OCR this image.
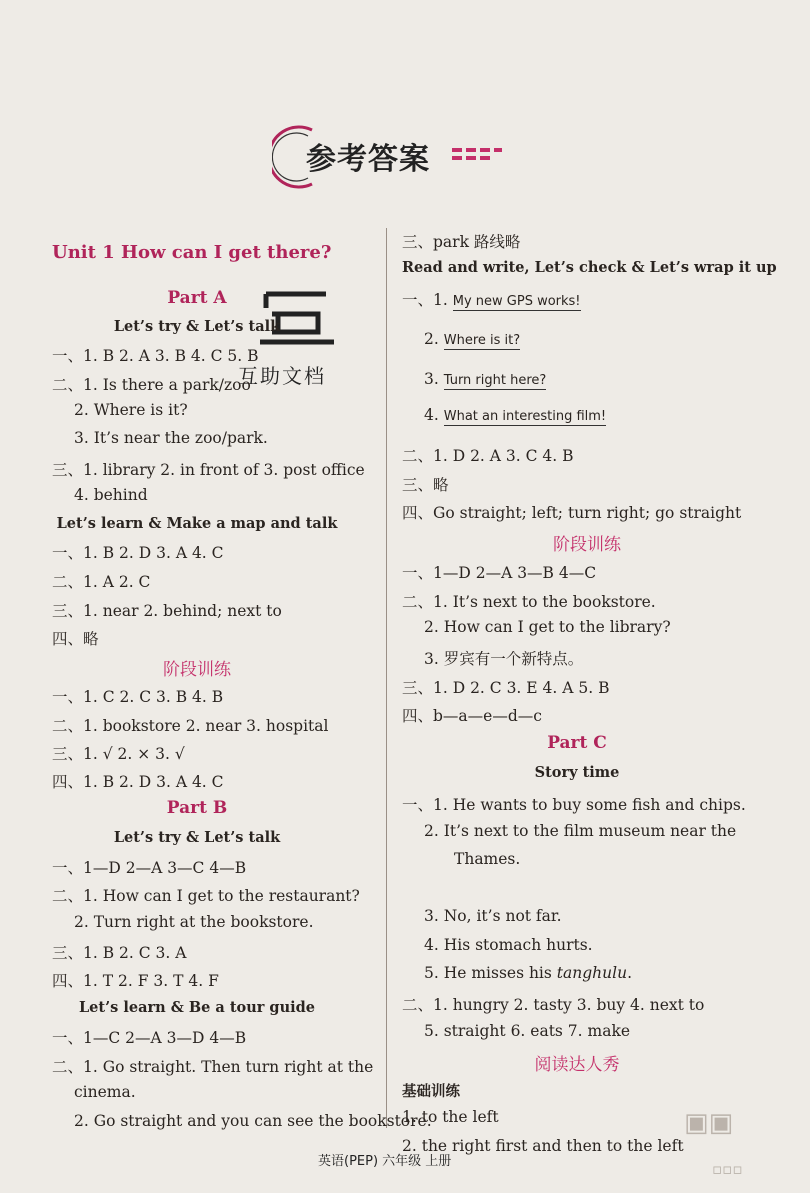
参考答案
互助文档
Unit 1 How can I get there?
Part A
Let’s try & Let’s talk
一、1. B 2. A 3. B 4. C 5. B
二、1. Is there a park/zoo
2. Where is it?
3. It’s near the zoo/park.
三、1. library 2. in front of 3. post office
4. behind
Let’s learn & Make a map and talk
一、1. B 2. D 3. A 4. C
二、1. A 2. C
三、1. near 2. behind; next to
四、略
阶段训练
一、1. C 2. C 3. B 4. B
二、1. bookstore 2. near 3. hospital
三、1. √ 2. × 3. √
四、1. B 2. D 3. A 4. C
Part B
Let’s try & Let’s talk
一、1—D 2—A 3—C 4—B
二、1. How can I get to the restaurant?
2. Turn right at the bookstore.
三、1. B 2. C 3. A
四、1. T 2. F 3. T 4. F
Let’s learn & Be a tour guide
一、1—C 2—A 3—D 4—B
二、1. Go straight. Then turn right at the
cinema.
2. Go straight and you can see the bookstore.
三、park 路线略
Read and write, Let’s check & Let’s wrap it up
一、1. My new GPS works!
2. Where is it?
3. Turn right here?
4. What an interesting film!
二、1. D 2. A 3. C 4. B
三、略
四、Go straight; left; turn right; go straight
阶段训练
一、1—D 2—A 3—B 4—C
二、1. It’s next to the bookstore.
2. How can I get to the library?
3. 罗宾有一个新特点。
三、1. D 2. C 3. E 4. A 5. B
四、b—a—e—d—c
Part C
Story time
一、1. He wants to buy some fish and chips.
2. It’s next to the film museum near the
Thames.
3. No, it’s not far.
4. His stomach hurts.
5. He misses his tanghulu.
二、1. hungry 2. tasty 3. buy 4. next to
5. straight 6. eats 7. make
阅读达人秀
基础训练
1. to the left
2. the right first and then to the left
英语(PEP) 六年级 上册
▣▣
▫▫▫
